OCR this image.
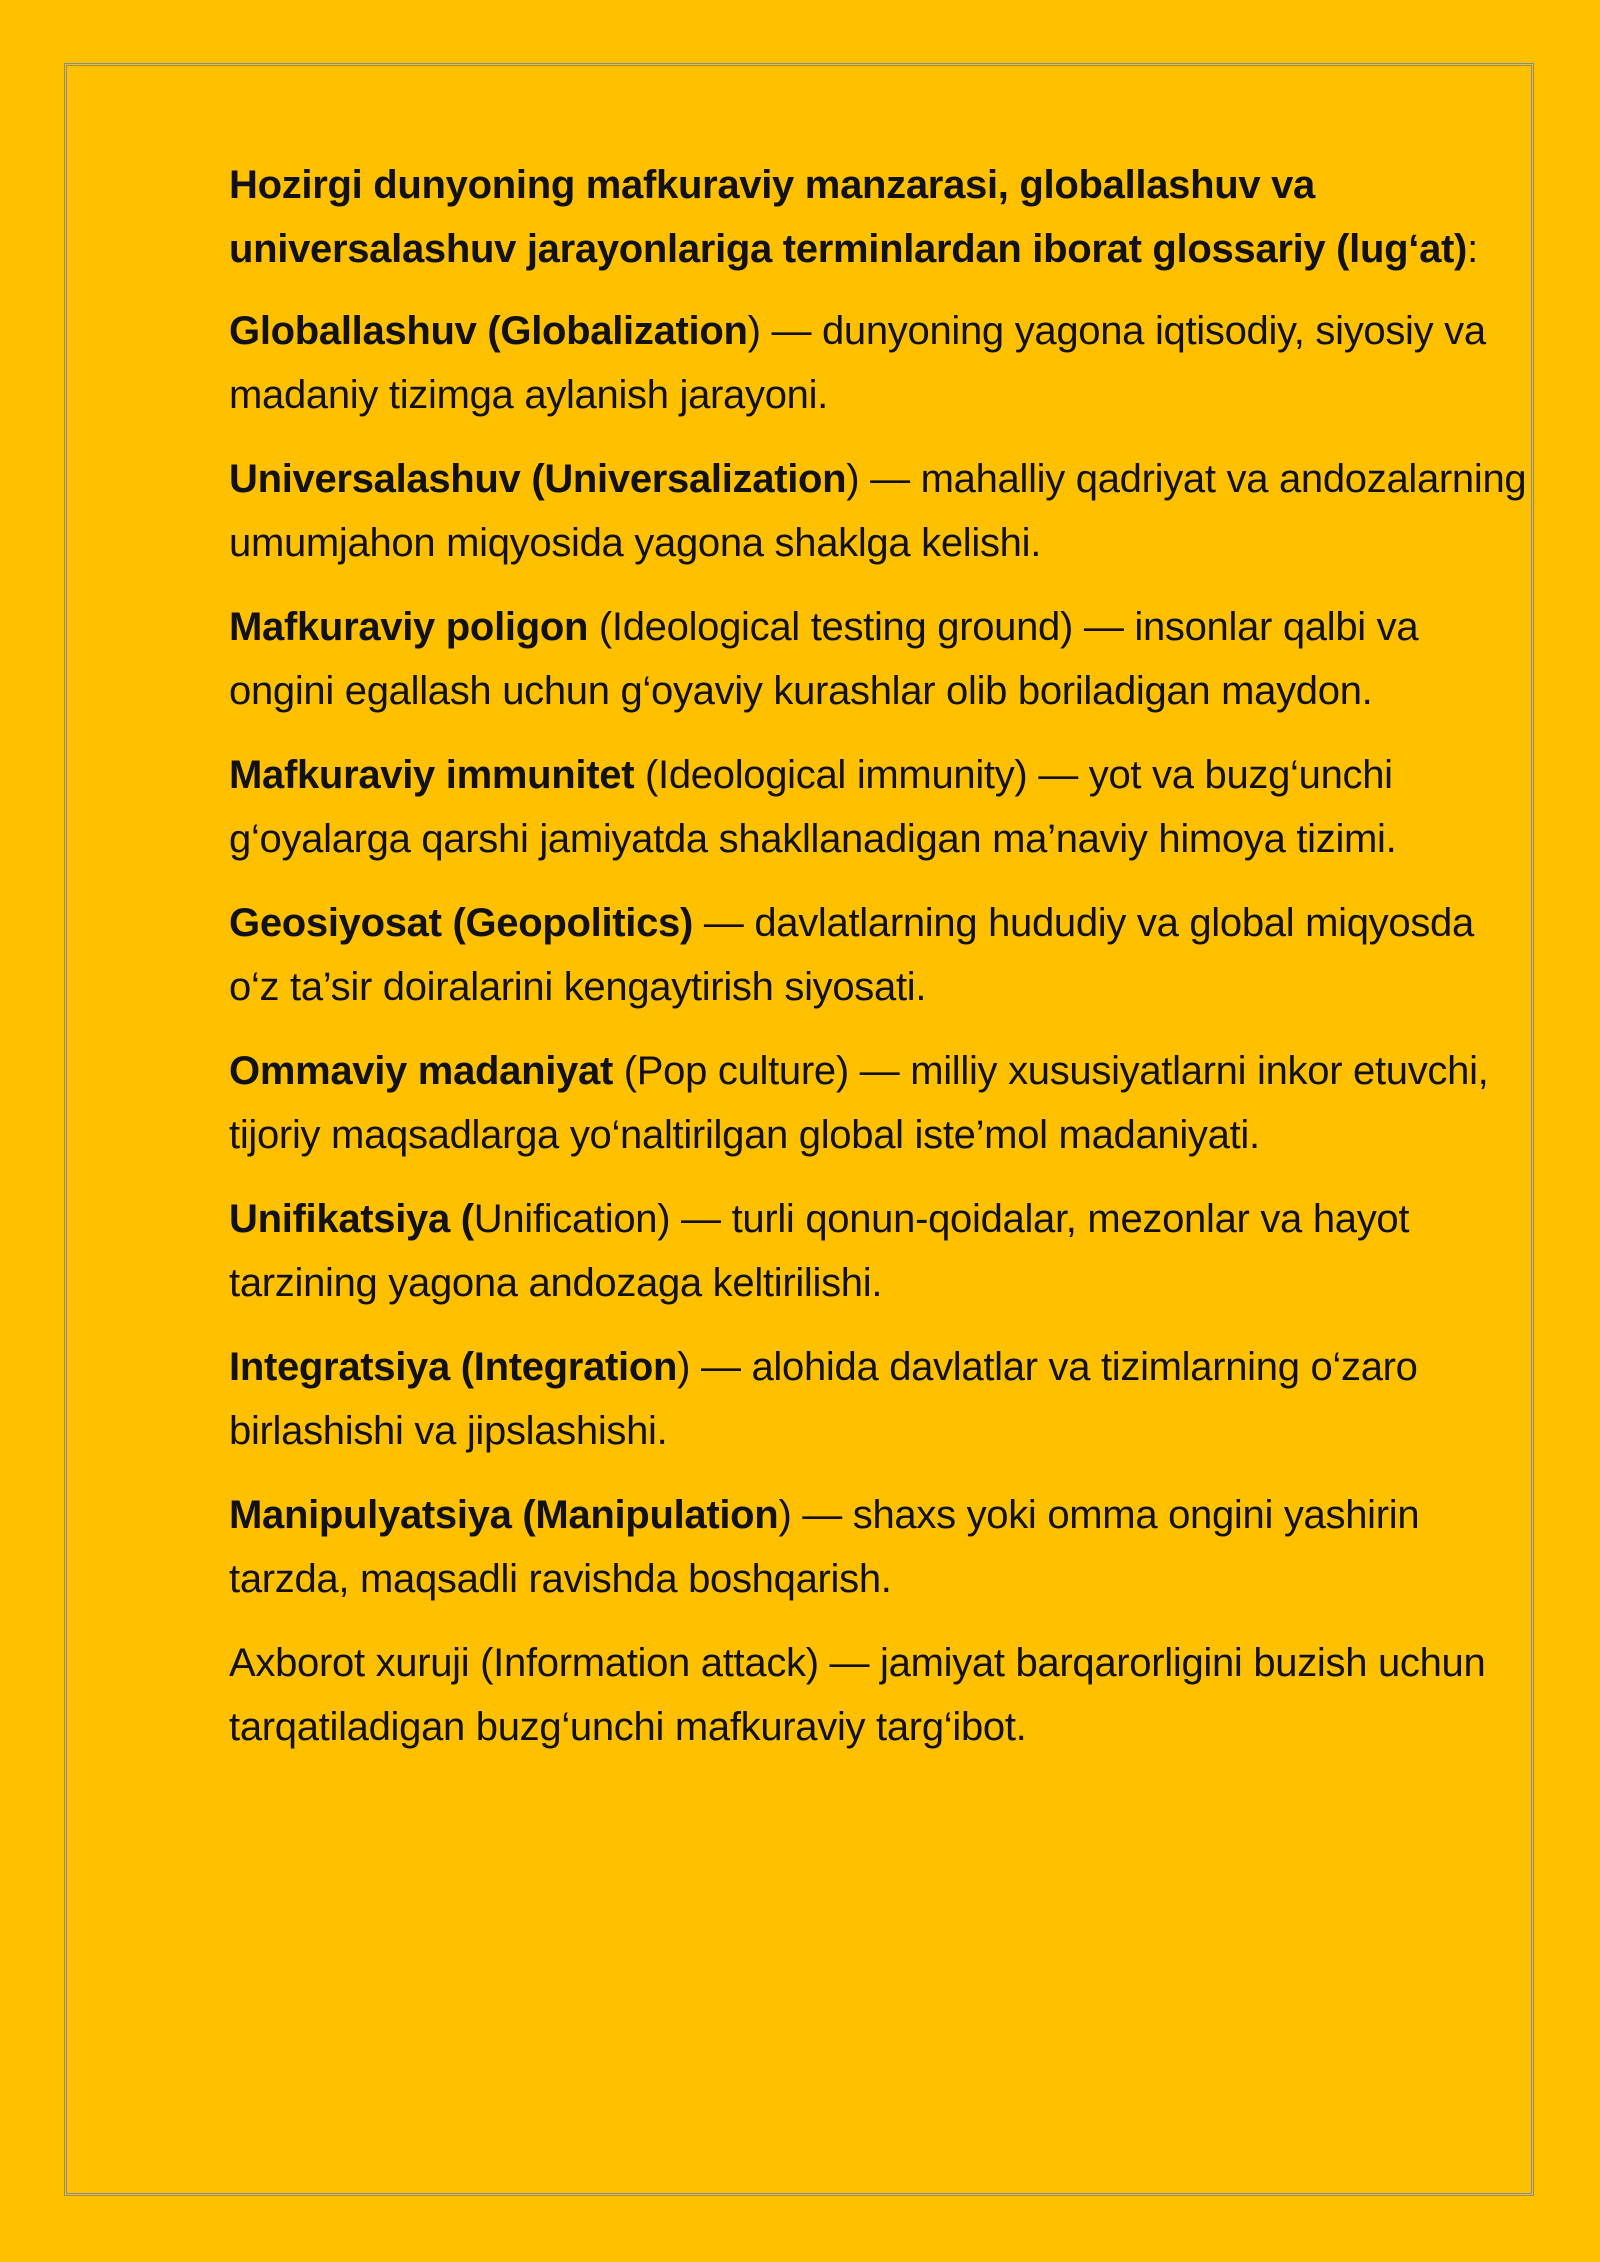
Hozirgi dunyoning mafkuraviy manzarasi, globallashuv va universalashuv jarayonlariga terminlardan iborat glossariy (lug‘at):

Globallashuv (Globalization) — dunyoning yagona iqtisodiy, siyosiy va madaniy tizimga aylanish jarayoni.

Universalashuv (Universalization) — mahalliy qadriyat va andozalarning umumjahon miqyosida yagona shaklga kelishi.

Mafkuraviy poligon (Ideological testing ground) — insonlar qalbi va ongini egallash uchun g‘oyaviy kurashlar olib boriladigan maydon.

Mafkuraviy immunitet (Ideological immunity) — yot va buzg‘unchi g‘oyalarga qarshi jamiyatda shakllanadigan ma’naviy himoya tizimi.

Geosiyosat (Geopolitics) — davlatlarning hududiy va global miqyosda o‘z ta’sir doiralarini kengaytirish siyosati.

Ommaviy madaniyat (Pop culture) — milliy xususiyatlarni inkor etuvchi, tijoriy maqsadlarga yo‘naltirilgan global iste’mol madaniyati.

Unifikatsiya (Unification) — turli qonun-qoidalar, mezonlar va hayot tarzining yagona andozaga keltirilishi.

Integratsiya (Integration) — alohida davlatlar va tizimlarning o‘zaro birlashishi va jipslashishi.

Manipulyatsiya (Manipulation) — shaxs yoki omma ongini yashirin tarzda, maqsadli ravishda boshqarish.

Axborot xuruji (Information attack) — jamiyat barqarorligini buzish uchun tarqatiladigan buzg‘unchi mafkuraviy targ‘ibot.
